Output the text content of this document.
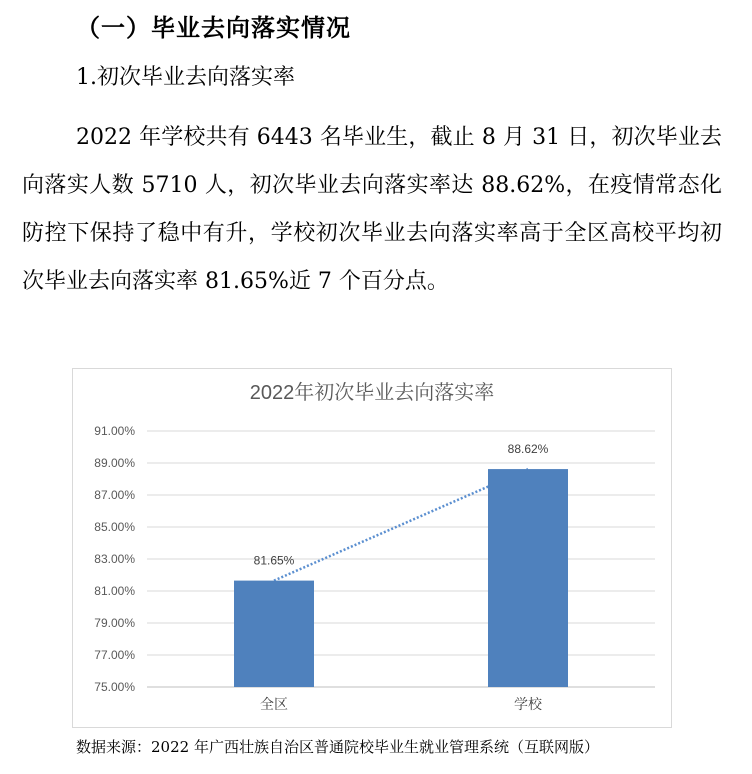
（一）毕业去向落实情况
1.初次毕业去向落实率
2022 年学校共有 6443 名毕业生，截止 8 月 31 日，初次毕业去向落实人数 5710 人，初次毕业去向落实率达 88.62%，在疫情常态化防控下保持了稳中有升，学校初次毕业去向落实率高于全区高校平均初次毕业去向落实率 81.65%近 7 个百分点。
2022年初次毕业去向落实率
75.00%
77.00%
79.00%
81.00%
83.00%
85.00%
87.00%
89.00%
91.00%
全区	学校
81.65%
88.62%
数据来源：2022 年广西壮族自治区普通院校毕业生就业管理系统（互联网版）
